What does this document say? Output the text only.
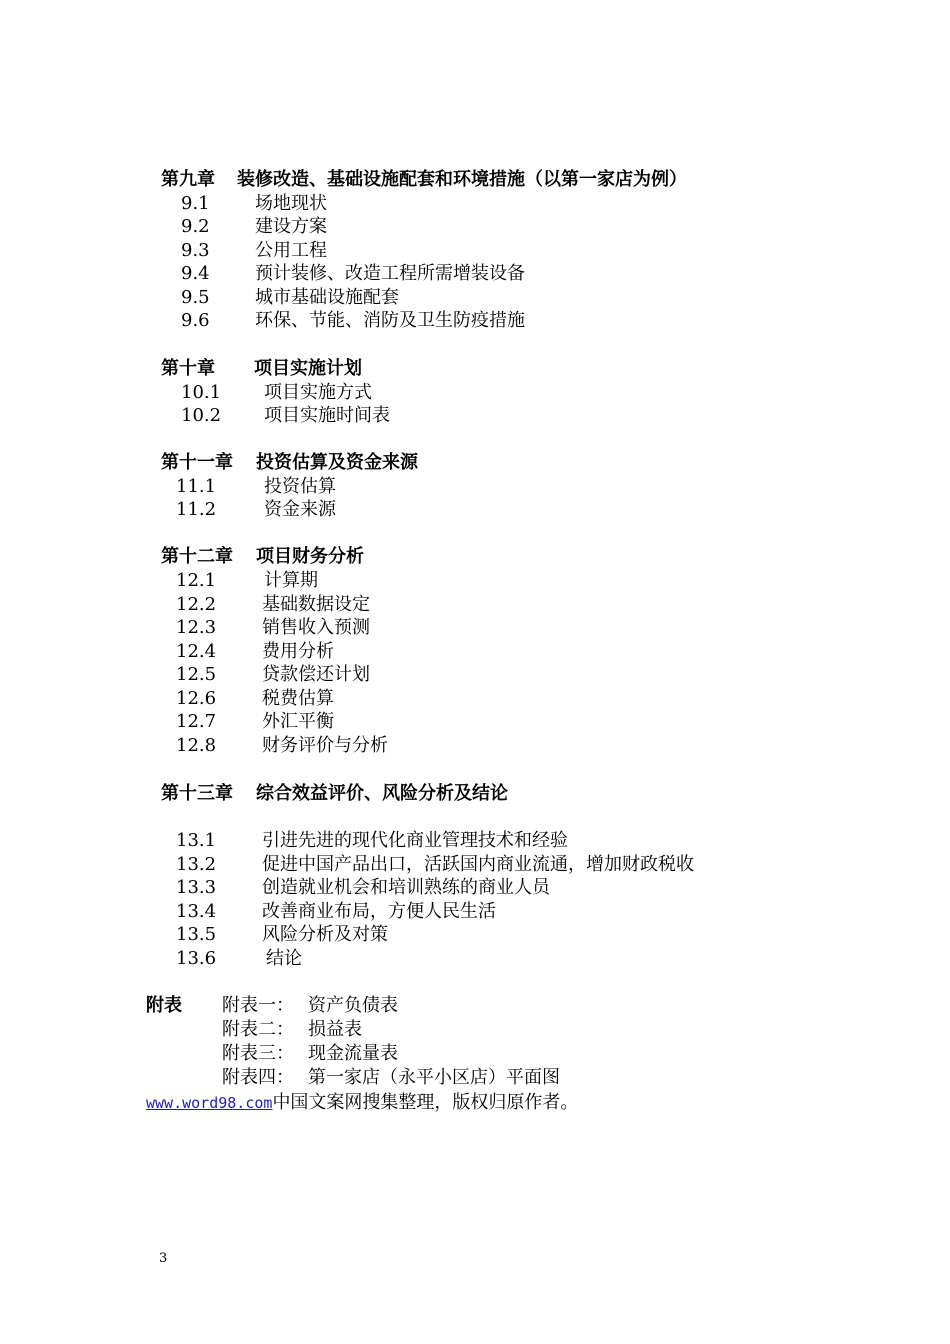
第九章 装修改造、基础设施配套和环境措施（以第一家店为例）
9.1	场地现状
9.2	建设方案
9.3	公用工程
9.4	预计装修、改造工程所需增装设备
9.5	城市基础设施配套
9.6	环保、节能、消防及卫生防疫措施
第十章 项目实施计划
10.1 项目实施方式
10.2 项目实施时间表
第十一章 投资估算及资金来源
11.1	投资估算
11.2	资金来源
第十二章 项目财务分析
12.1	计算期
12.2	基础数据设定
12.3	销售收入预测
12.4	费用分析
12.5	贷款偿还计划
12.6	税费估算
12.7	外汇平衡
12.8	财务评价与分析
第十三章 综合效益评价、风险分析及结论
13.1	引进先进的现代化商业管理技术和经验
13.2	促进中国产品出口，活跃国内商业流通，增加财政税收
13.3	创造就业机会和培训熟练的商业人员
13.4	改善商业布局，方便人民生活
13.5	风险分析及对策
13.6	结论
附表 附表一： 资产负债表
附表二： 损益表
附表三： 现金流量表
附表四： 第一家店（永平小区店）平面图
www.word98.com中国文案网搜集整理，版权归原作者。
3
